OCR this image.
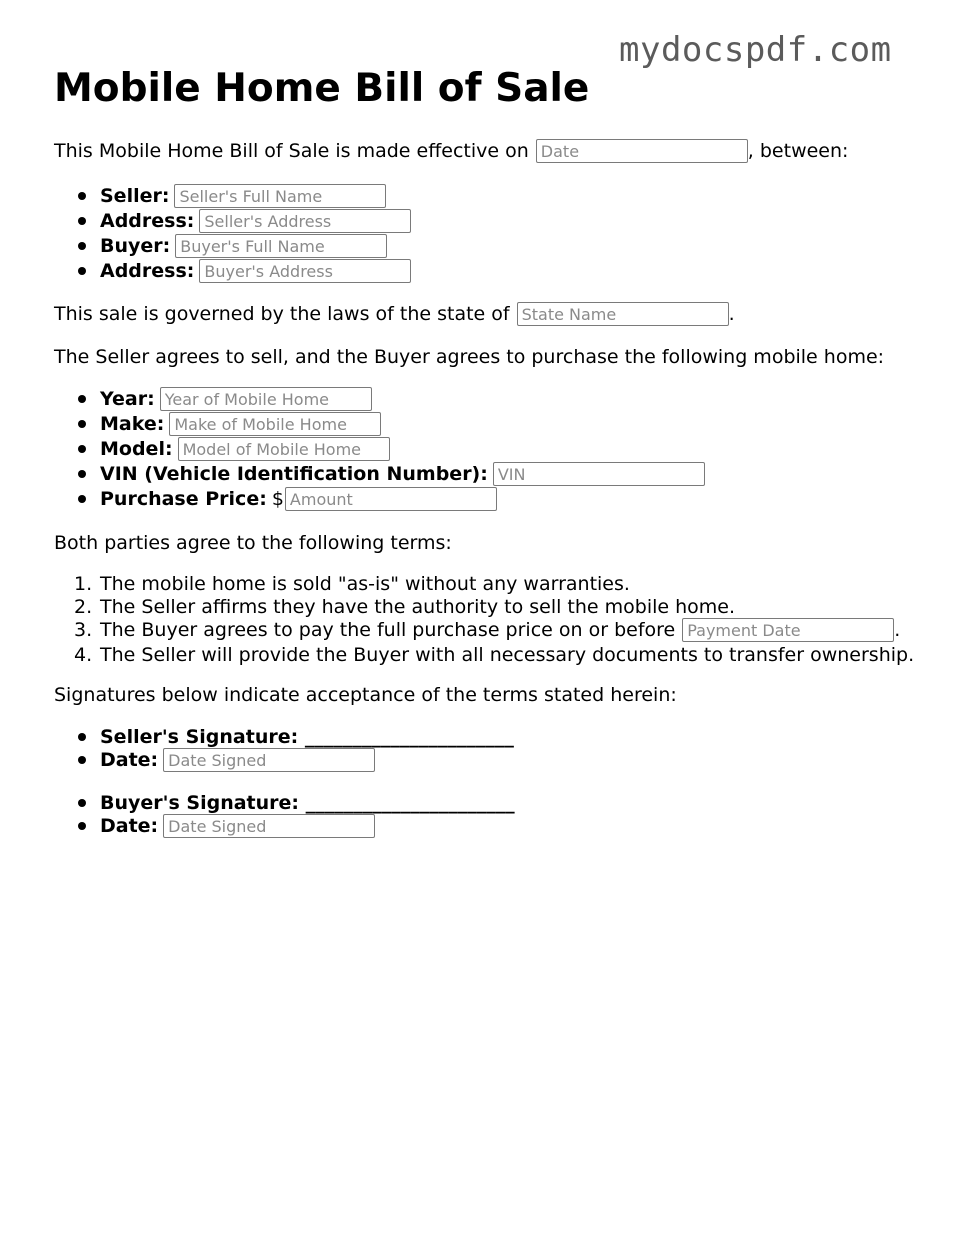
mydocspdf.com
Mobile Home Bill of Sale
This Mobile Home Bill of Sale is made effective on
Date	, between:
Seller:
Seller's Full Name
Address:
Seller's Address
Buyer:
Buyer's Full Name
Address:
Buyer's Address
This sale is governed by the laws of the state of
State Name	.
The Seller agrees to sell, and the Buyer agrees to purchase the following mobile home:
Year:
Year of Mobile Home
Make:
Make of Mobile Home
Model:
Model of Mobile Home
VIN (Vehicle Identification Number):
VIN
Purchase Price: $
Amount
Both parties agree to the following terms:
1. The mobile home is sold "as-is" without any warranties.
2. The Seller affirms they have the authority to sell the mobile home.
3. The Buyer agrees to pay the full purchase price on or before
Payment Date	.
4. The Seller will provide the Buyer with all necessary documents to transfer ownership.
Signatures below indicate acceptance of the terms stated herein:
Seller's Signature: ______________________
Date:
Date Signed
Buyer's Signature: ______________________
Date:
Date Signed
